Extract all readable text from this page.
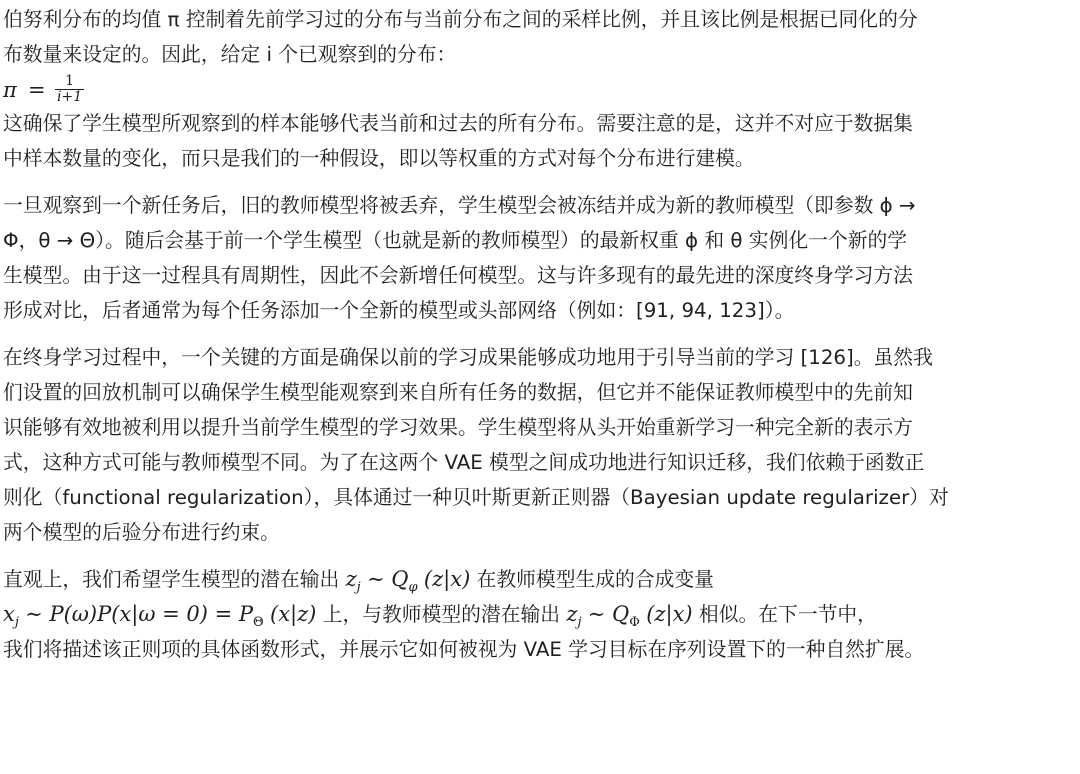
伯努利分布的均值 π 控制着先前学习过的分布与当前分布之间的采样比例，并且该比例是根据已同化的分
布数量来设定的。因此，给定 i 个已观察到的分布：
$\pi = \frac{1}{i+1}$
这确保了学生模型所观察到的样本能够代表当前和过去的所有分布。需要注意的是，这并不对应于数据集
中样本数量的变化，而只是我们的一种假设，即以等权重的方式对每个分布进行建模。
一旦观察到一个新任务后，旧的教师模型将被丢弃，学生模型会被冻结并成为新的教师模型（即参数 ϕ →
Φ，θ → Θ）。随后会基于前一个学生模型（也就是新的教师模型）的最新权重 ϕ 和 θ 实例化一个新的学
生模型。由于这一过程具有周期性，因此不会新增任何模型。这与许多现有的最先进的深度终身学习方法
形成对比，后者通常为每个任务添加一个全新的模型或头部网络（例如：[91, 94, 123]）。
在终身学习过程中，一个关键的方面是确保以前的学习成果能够成功地用于引导当前的学习 [126]。虽然我
们设置的回放机制可以确保学生模型能观察到来自所有任务的数据，但它并不能保证教师模型中的先前知
识能够有效地被利用以提升当前学生模型的学习效果。学生模型将从头开始重新学习一种完全新的表示方
式，这种方式可能与教师模型不同。为了在这两个 VAE 模型之间成功地进行知识迁移，我们依赖于函数正
则化（functional regularization），具体通过一种贝叶斯更新正则器（Bayesian update regularizer）对
两个模型的后验分布进行约束。
直观上，我们希望学生模型的潜在输出 $z_j$ ∼ $Q_\varphi$ (z|x) 在教师模型生成的合成变量
$x_j$ ∼ $P(\omega)P(x|\omega = 0) = P_\Theta$ (x|z) 上，与教师模型的潜在输出 $z_j$ ∼ $Q_\Phi$ (z|x) 相似。在下一节中，
我们将描述该正则项的具体函数形式，并展示它如何被视为 VAE 学习目标在序列设置下的一种自然扩展。
